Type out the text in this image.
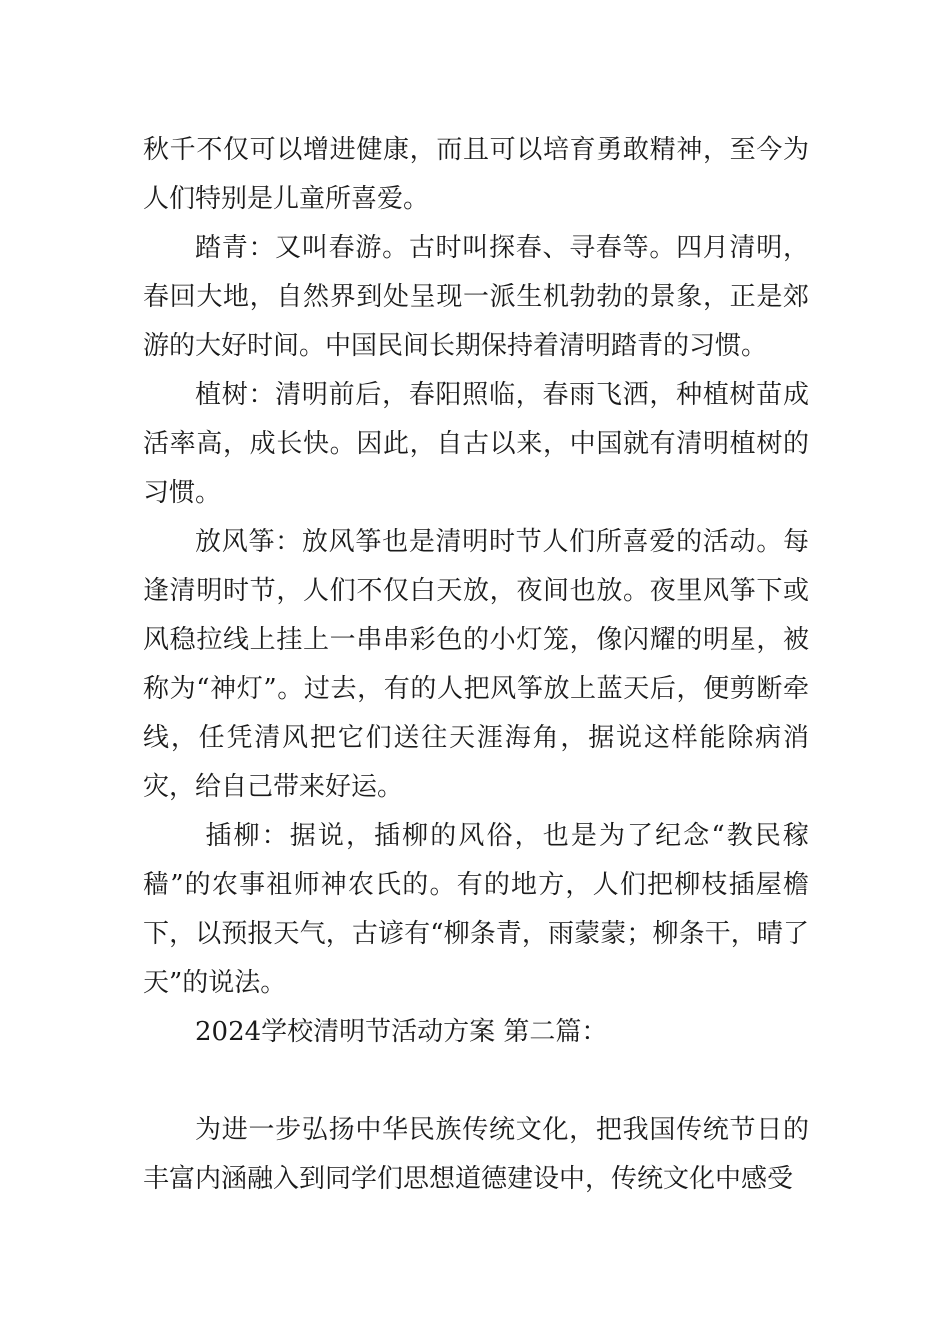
秋千不仅可以增进健康，而且可以培育勇敢精神，至今为人们特别是儿童所喜爱。

踏青：又叫春游。古时叫探春、寻春等。四月清明，春回大地，自然界到处呈现一派生机勃勃的景象，正是郊游的大好时间。中国民间长期保持着清明踏青的习惯。

植树：清明前后，春阳照临，春雨飞洒，种植树苗成活率高，成长快。因此，自古以来，中国就有清明植树的习惯。

放风筝：放风筝也是清明时节人们所喜爱的活动。每逢清明时节，人们不仅白天放，夜间也放。夜里风筝下或风稳拉线上挂上一串串彩色的小灯笼，像闪耀的明星，被称为“神灯”。过去，有的人把风筝放上蓝天后，便剪断牵线，任凭清风把它们送往天涯海角，据说这样能除病消灾，给自己带来好运。

插柳：据说，插柳的风俗，也是为了纪念“教民稼穑”的农事祖师神农氏的。有的地方，人们把柳枝插屋檐下，以预报天气，古谚有“柳条青，雨蒙蒙；柳条干，晴了天”的说法。

2024学校清明节活动方案 第二篇：

为进一步弘扬中华民族传统文化，把我国传统节日的丰富内涵融入到同学们思想道德建设中，传统文化中感受
